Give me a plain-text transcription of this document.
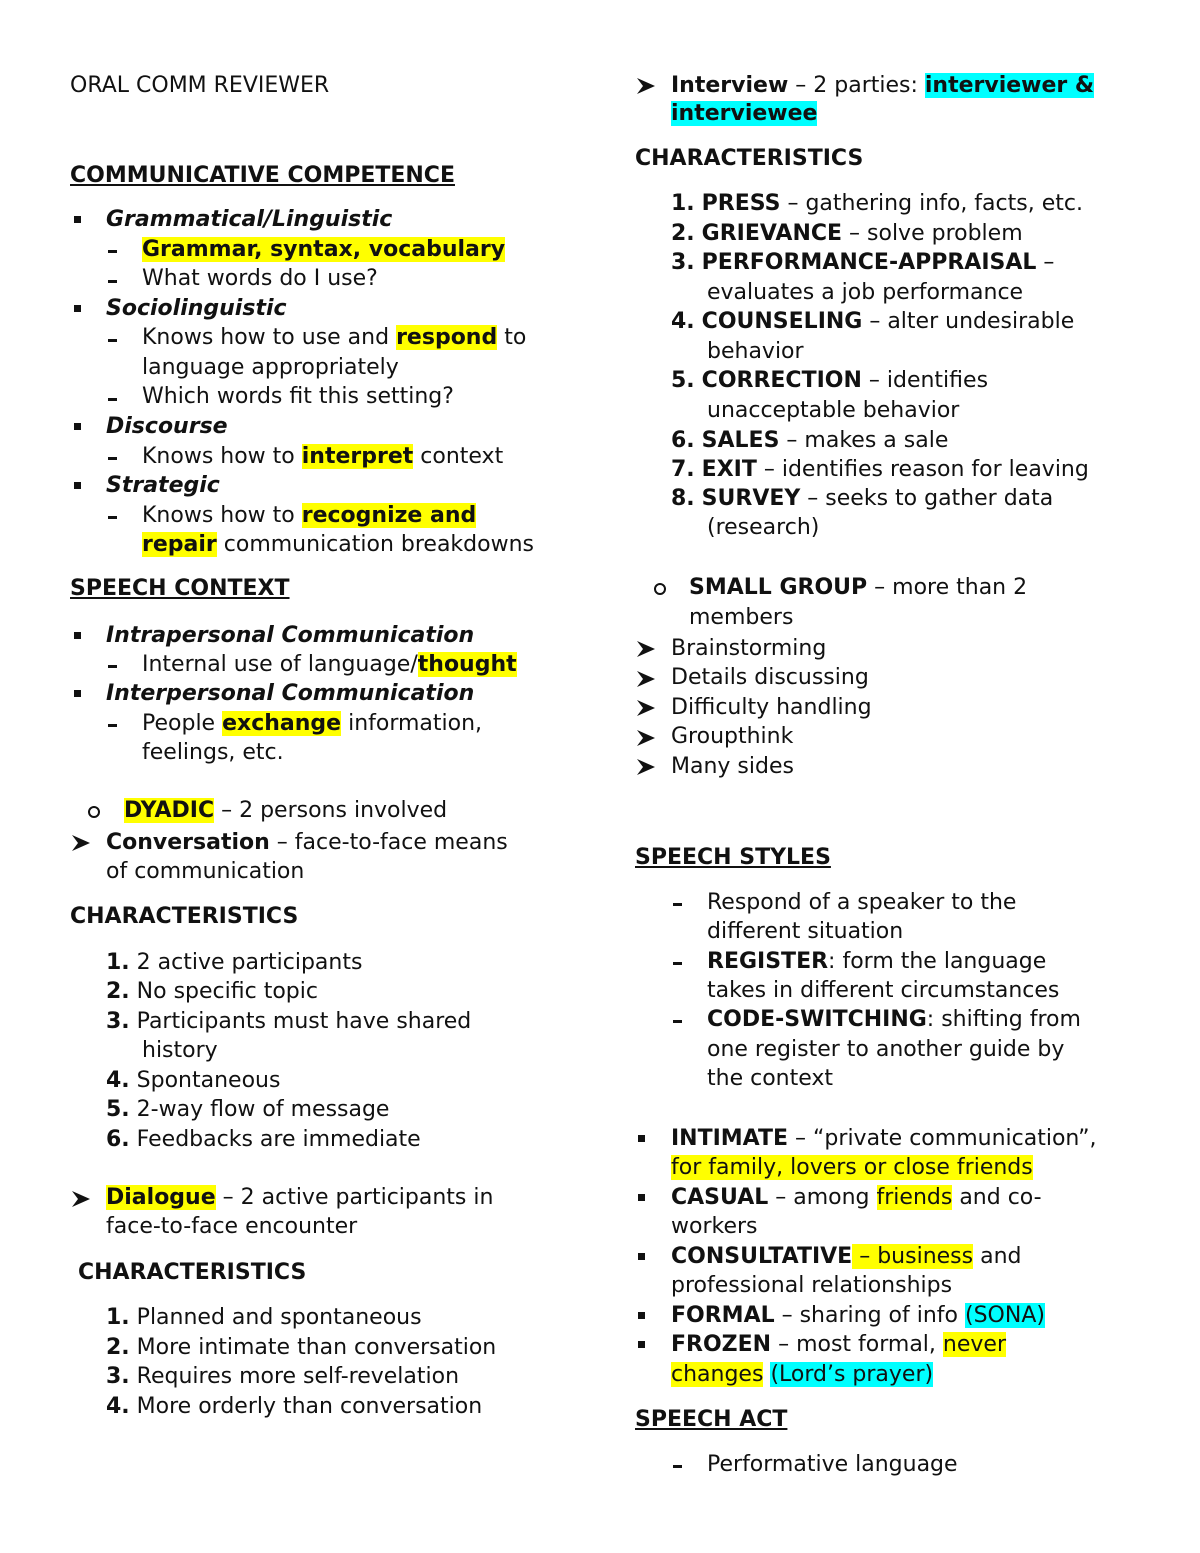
ORAL COMM REVIEWER
COMMUNICATIVE COMPETENCE
Grammatical/Linguistic
Grammar, syntax, vocabulary
What words do I use?
Sociolinguistic
Knows how to use and respond to
language appropriately
Which words fit this setting?
Discourse
Knows how to interpret context
Strategic
Knows how to recognize and
repair communication breakdowns
SPEECH CONTEXT
Intrapersonal Communication
Internal use of language/thought
Interpersonal Communication
People exchange information,
feelings, etc.
DYADIC – 2 persons involved
Conversation – face-to-face means
of communication
CHARACTERISTICS
1. 2 active participants
2. No specific topic
3. Participants must have shared
history
4. Spontaneous
5. 2-way flow of message
6. Feedbacks are immediate
Dialogue – 2 active participants in
face-to-face encounter
CHARACTERISTICS
1. Planned and spontaneous
2. More intimate than conversation
3. Requires more self-revelation
4. More orderly than conversation
Interview – 2 parties: interviewer &
interviewee
CHARACTERISTICS
1. PRESS – gathering info, facts, etc.
2. GRIEVANCE – solve problem
3. PERFORMANCE-APPRAISAL –
evaluates a job performance
4. COUNSELING – alter undesirable
behavior
5. CORRECTION – identifies
unacceptable behavior
6. SALES – makes a sale
7. EXIT – identifies reason for leaving
8. SURVEY – seeks to gather data
(research)
SMALL GROUP – more than 2
members
Brainstorming
Details discussing
Difficulty handling
Groupthink
Many sides
SPEECH STYLES
Respond of a speaker to the
different situation
REGISTER: form the language
takes in different circumstances
CODE-SWITCHING: shifting from
one register to another guide by
the context
INTIMATE – “private communication”,
for family, lovers or close friends
CASUAL – among friends and co-
workers
CONSULTATIVE – business and
professional relationships
FORMAL – sharing of info (SONA)
FROZEN – most formal, never
changes (Lord’s prayer)
SPEECH ACT
Performative language
